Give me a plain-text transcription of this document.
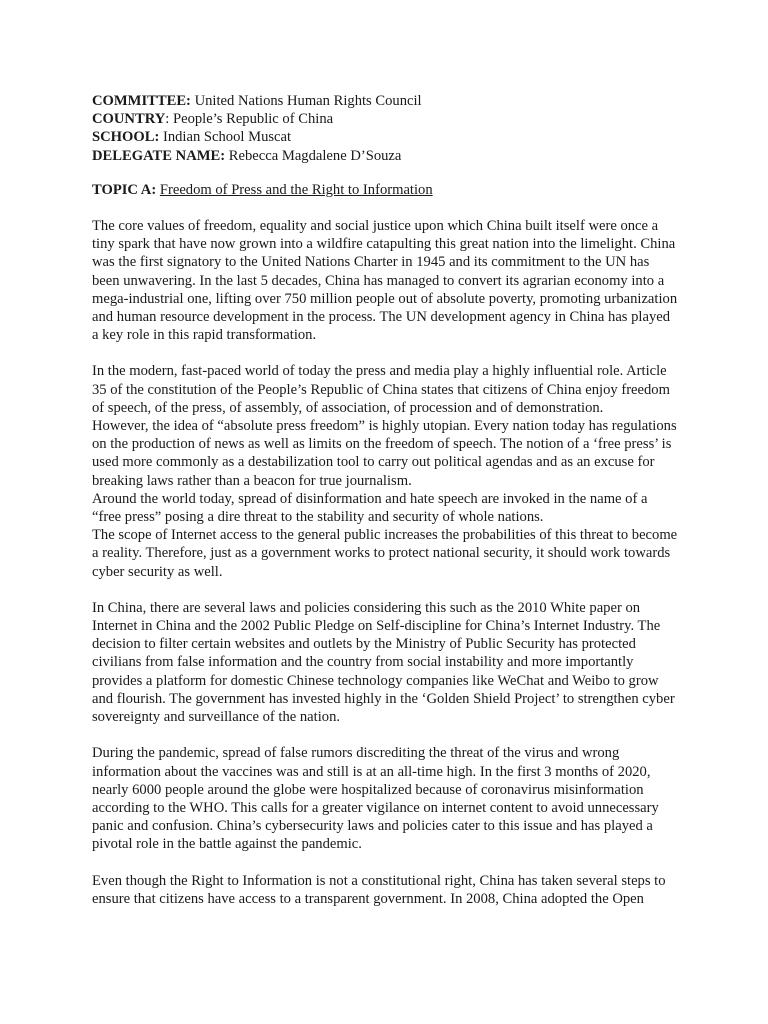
COMMITTEE: United Nations Human Rights Council

COUNTRY: People’s Republic of China

SCHOOL: Indian School Muscat

DELEGATE NAME: Rebecca Magdalene D’Souza

TOPIC A: Freedom of Press and the Right to Information

The core values of freedom, equality and social justice upon which China built itself were once a tiny spark that have now grown into a wildfire catapulting this great nation into the limelight. China was the first signatory to the United Nations Charter in 1945 and its commitment to the UN has been unwavering. In the last 5 decades, China has managed to convert its agrarian economy into a mega-industrial one, lifting over 750 million people out of absolute poverty, promoting urbanization and human resource development in the process. The UN development agency in China has played a key role in this rapid transformation.

In the modern, fast-paced world of today the press and media play a highly influential role. Article 35 of the constitution of the People’s Republic of China states that citizens of China enjoy freedom of speech, of the press, of assembly, of association, of procession and of demonstration.

However, the idea of “absolute press freedom” is highly utopian. Every nation today has regulations on the production of news as well as limits on the freedom of speech. The notion of a ‘free press’ is used more commonly as a destabilization tool to carry out political agendas and as an excuse for breaking laws rather than a beacon for true journalism.

Around the world today, spread of disinformation and hate speech are invoked in the name of a “free press” posing a dire threat to the stability and security of whole nations.

The scope of Internet access to the general public increases the probabilities of this threat to become a reality. Therefore, just as a government works to protect national security, it should work towards cyber security as well.

In China, there are several laws and policies considering this such as the 2010 White paper on Internet in China and the 2002 Public Pledge on Self-discipline for China’s Internet Industry. The decision to filter certain websites and outlets by the Ministry of Public Security has protected civilians from false information and the country from social instability and more importantly provides a platform for domestic Chinese technology companies like WeChat and Weibo to grow and flourish. The government has invested highly in the ‘Golden Shield Project’ to strengthen cyber sovereignty and surveillance of the nation.

During the pandemic, spread of false rumors discrediting the threat of the virus and wrong information about the vaccines was and still is at an all-time high. In the first 3 months of 2020, nearly 6000 people around the globe were hospitalized because of coronavirus misinformation according to the WHO. This calls for a greater vigilance on internet content to avoid unnecessary panic and confusion. China’s cybersecurity laws and policies cater to this issue and has played a pivotal role in the battle against the pandemic.

Even though the Right to Information is not a constitutional right, China has taken several steps to ensure that citizens have access to a transparent government. In 2008, China adopted the Open
